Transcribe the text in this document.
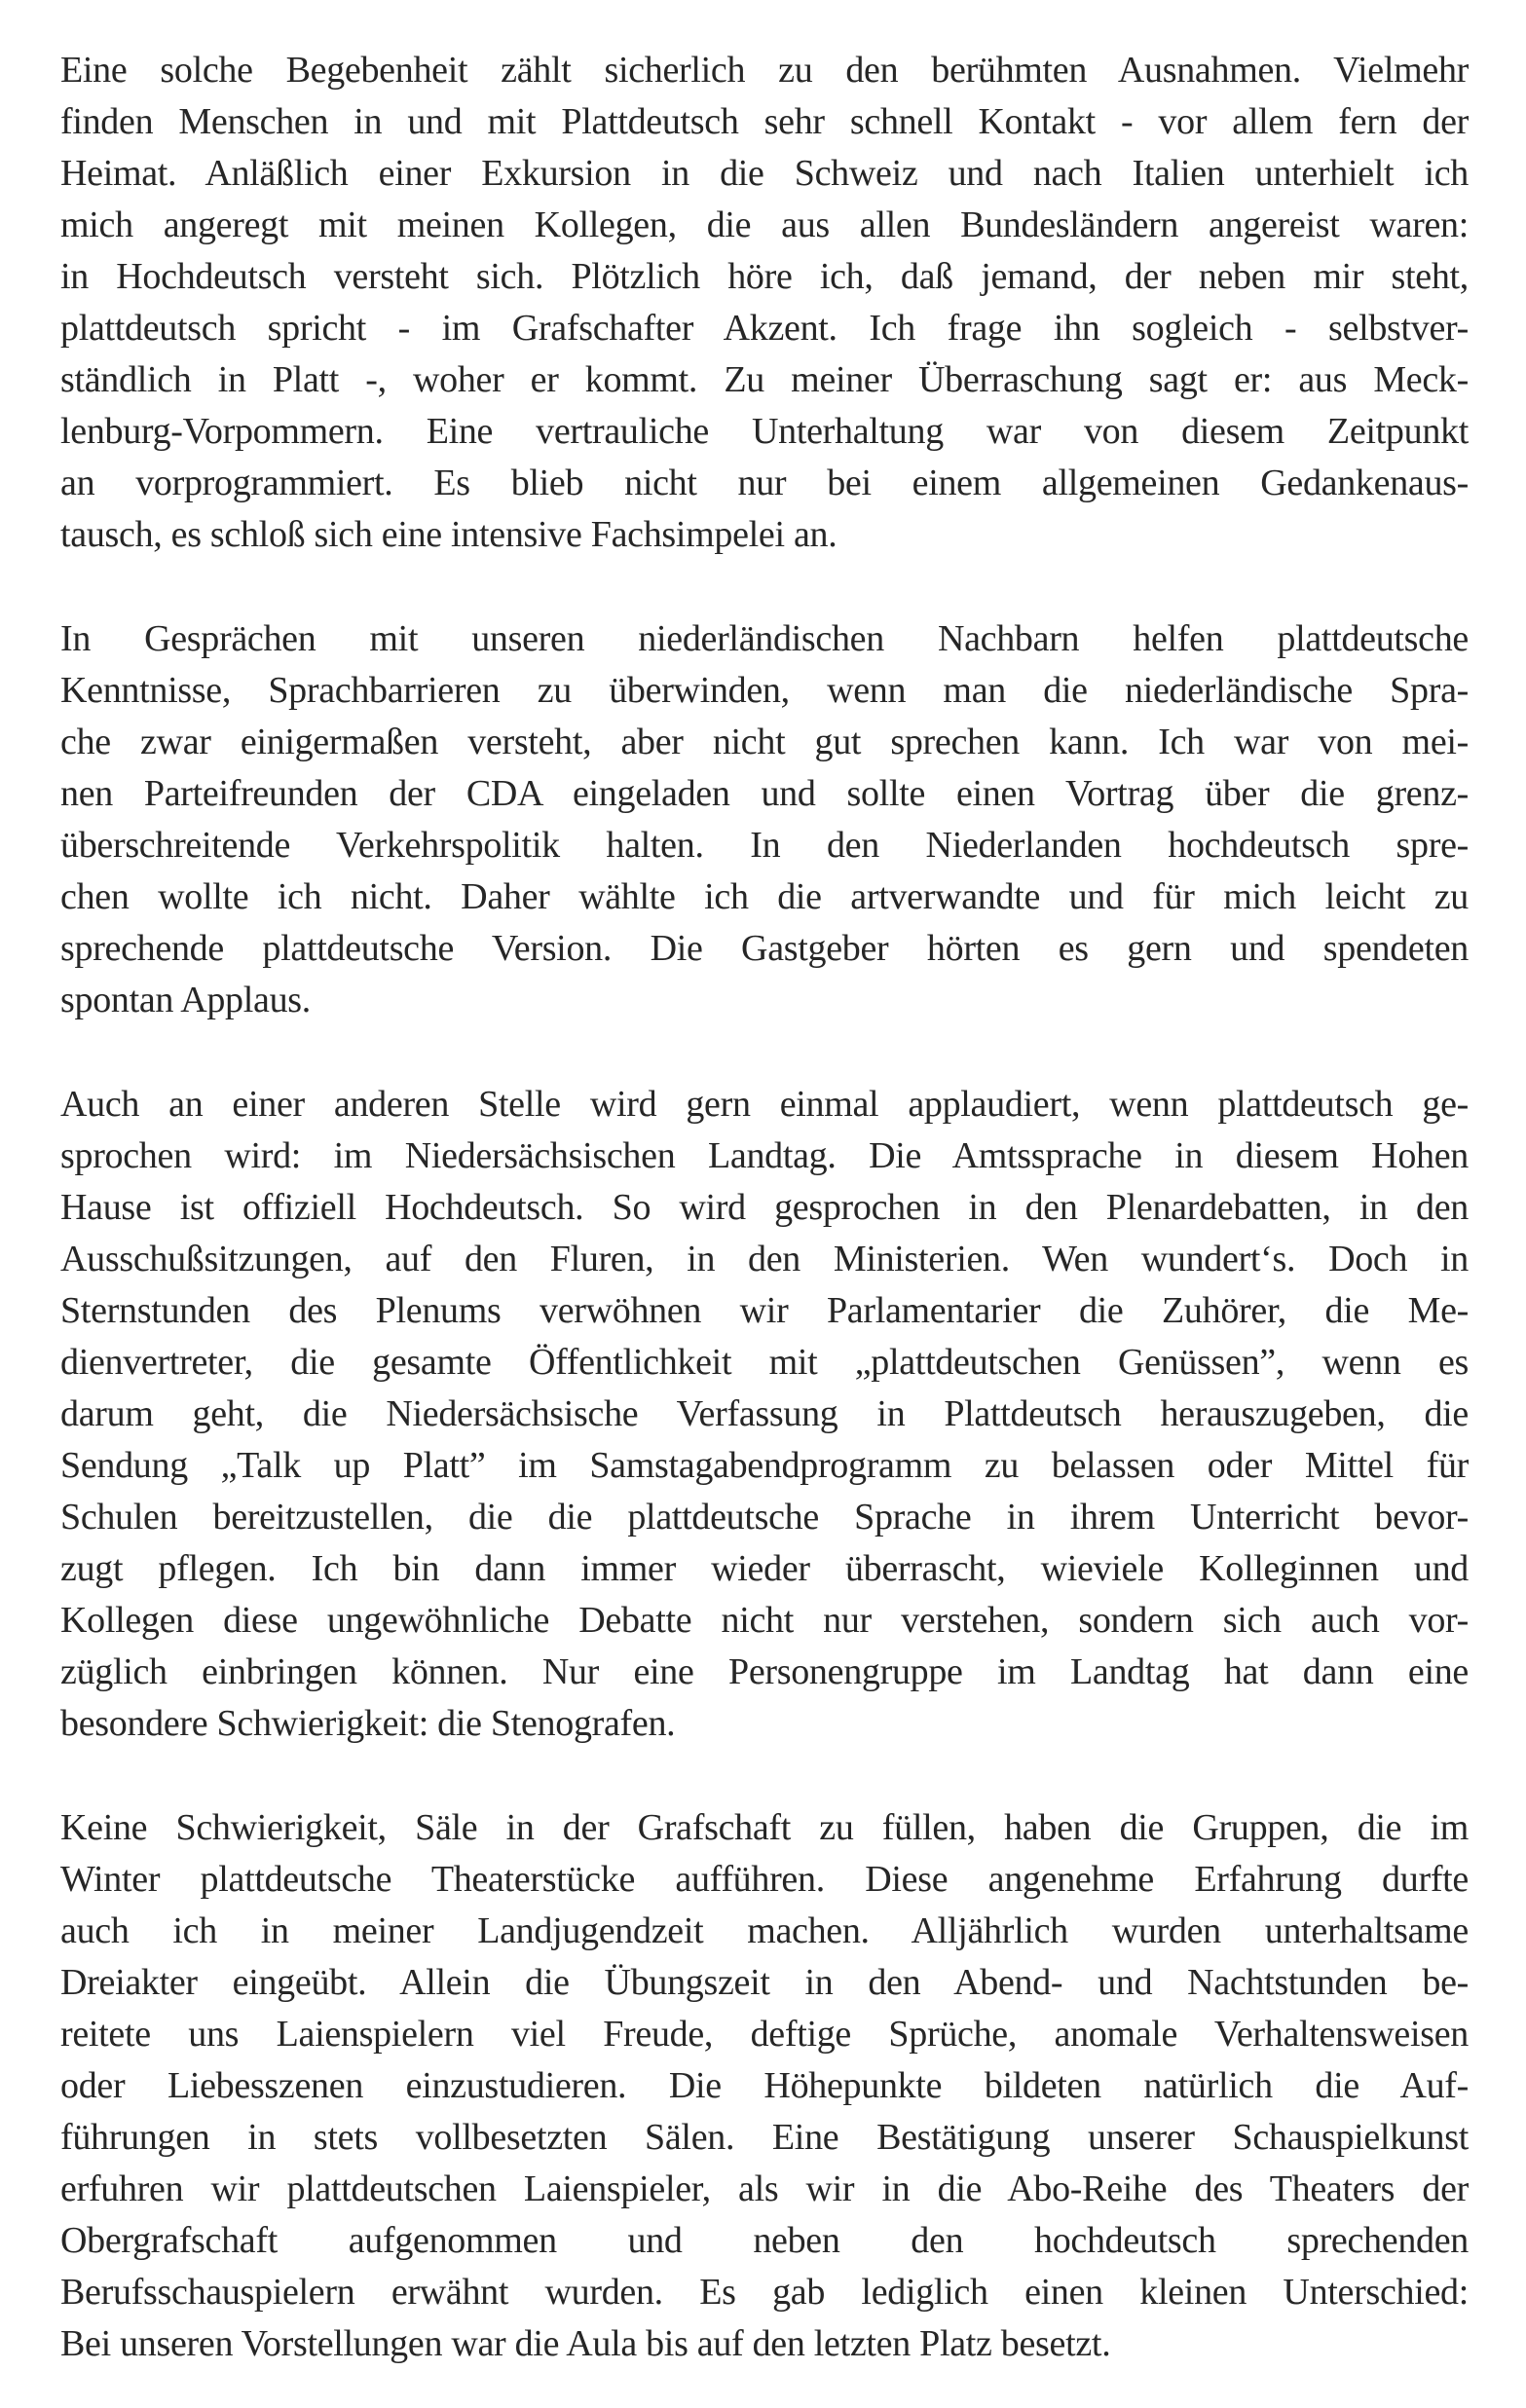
Eine solche Begebenheit zählt sicherlich zu den berühmten Ausnahmen. Vielmehr
finden Menschen in und mit Plattdeutsch sehr schnell Kontakt - vor allem fern der
Heimat. Anläßlich einer Exkursion in die Schweiz und nach Italien unterhielt ich
mich angeregt mit meinen Kollegen, die aus allen Bundesländern angereist waren:
in Hochdeutsch versteht sich. Plötzlich höre ich, daß jemand, der neben mir steht,
plattdeutsch spricht - im Grafschafter Akzent. Ich frage ihn sogleich - selbstver-
ständlich in Platt -, woher er kommt. Zu meiner Überraschung sagt er: aus Meck-
lenburg-Vorpommern. Eine vertrauliche Unterhaltung war von diesem Zeitpunkt
an vorprogrammiert. Es blieb nicht nur bei einem allgemeinen Gedankenaus-
tausch, es schloß sich eine intensive Fachsimpelei an.
In Gesprächen mit unseren niederländischen Nachbarn helfen plattdeutsche
Kenntnisse, Sprachbarrieren zu überwinden, wenn man die niederländische Spra-
che zwar einigermaßen versteht, aber nicht gut sprechen kann. Ich war von mei-
nen Parteifreunden der CDA eingeladen und sollte einen Vortrag über die grenz-
überschreitende Verkehrspolitik halten. In den Niederlanden hochdeutsch spre-
chen wollte ich nicht. Daher wählte ich die artverwandte und für mich leicht zu
sprechende plattdeutsche Version. Die Gastgeber hörten es gern und spendeten
spontan Applaus.
Auch an einer anderen Stelle wird gern einmal applaudiert, wenn plattdeutsch ge-
sprochen wird: im Niedersächsischen Landtag. Die Amtssprache in diesem Hohen
Hause ist offiziell Hochdeutsch. So wird gesprochen in den Plenardebatten, in den
Ausschußsitzungen, auf den Fluren, in den Ministerien. Wen wundert‘s. Doch in
Sternstunden des Plenums verwöhnen wir Parlamentarier die Zuhörer, die Me-
dienvertreter, die gesamte Öffentlichkeit mit „plattdeutschen Genüssen”, wenn es
darum geht, die Niedersächsische Verfassung in Plattdeutsch herauszugeben, die
Sendung „Talk up Platt” im Samstagabendprogramm zu belassen oder Mittel für
Schulen bereitzustellen, die die plattdeutsche Sprache in ihrem Unterricht bevor-
zugt pflegen. Ich bin dann immer wieder überrascht, wieviele Kolleginnen und
Kollegen diese ungewöhnliche Debatte nicht nur verstehen, sondern sich auch vor-
züglich einbringen können. Nur eine Personengruppe im Landtag hat dann eine
besondere Schwierigkeit: die Stenografen.
Keine Schwierigkeit, Säle in der Grafschaft zu füllen, haben die Gruppen, die im
Winter plattdeutsche Theaterstücke aufführen. Diese angenehme Erfahrung durfte
auch ich in meiner Landjugendzeit machen. Alljährlich wurden unterhaltsame
Dreiakter eingeübt. Allein die Übungszeit in den Abend- und Nachtstunden be-
reitete uns Laienspielern viel Freude, deftige Sprüche, anomale Verhaltensweisen
oder Liebesszenen einzustudieren. Die Höhepunkte bildeten natürlich die Auf-
führungen in stets vollbesetzten Sälen. Eine Bestätigung unserer Schauspielkunst
erfuhren wir plattdeutschen Laienspieler, als wir in die Abo-Reihe des Theaters der
Obergrafschaft aufgenommen und neben den hochdeutsch sprechenden
Berufsschauspielern erwähnt wurden. Es gab lediglich einen kleinen Unterschied:
Bei unseren Vorstellungen war die Aula bis auf den letzten Platz besetzt.
